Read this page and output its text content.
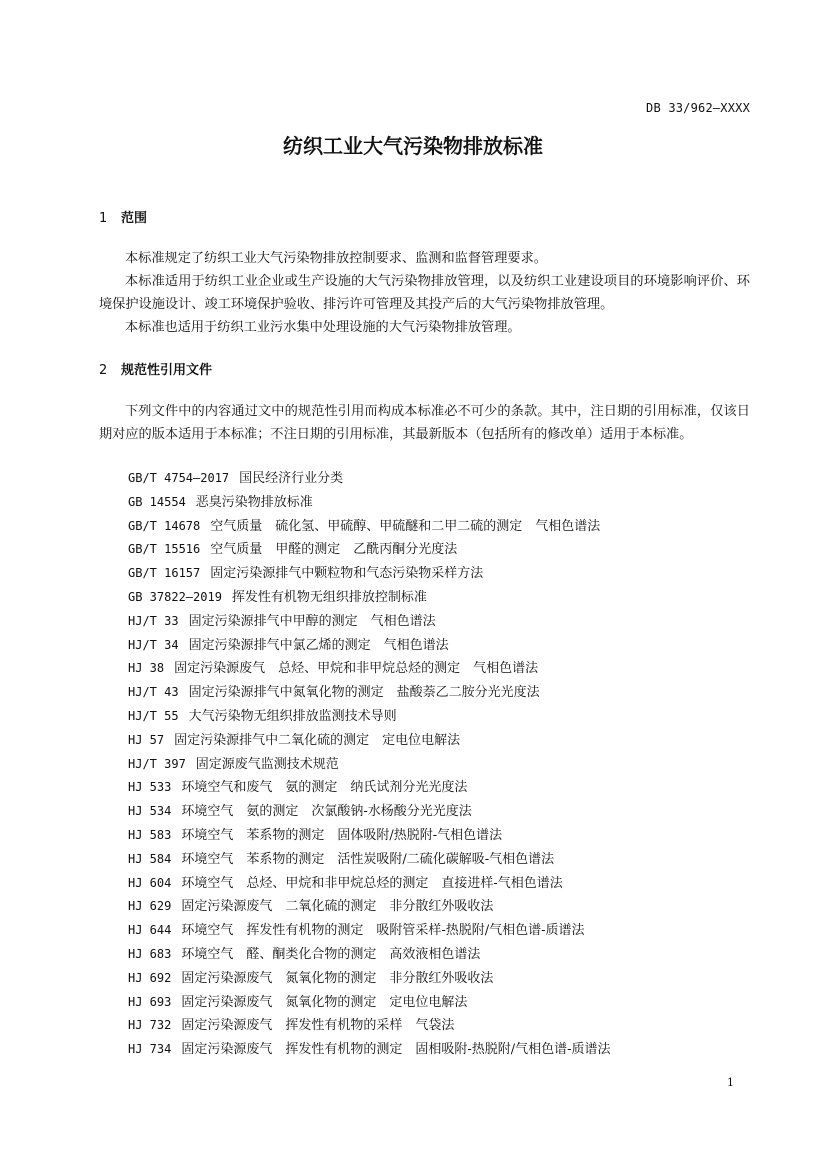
DB 33/962—XXXX
纺织工业大气污染物排放标准
1 范围

本标准规定了纺织工业大气污染物排放控制要求、监测和监督管理要求。

本标准适用于纺织工业企业或生产设施的大气污染物排放管理，以及纺织工业建设项目的环境影响评价、环境保护设施设计、竣工环境保护验收、排污许可管理及其投产后的大气污染物排放管理。

本标准也适用于纺织工业污水集中处理设施的大气污染物排放管理。

2 规范性引用文件

下列文件中的内容通过文中的规范性引用而构成本标准必不可少的条款。其中，注日期的引用标准，仅该日期对应的版本适用于本标准；不注日期的引用标准，其最新版本（包括所有的修改单）适用于本标准。

GB/T 4754—2017 国民经济行业分类
GB 14554 恶臭污染物排放标准
GB/T 14678 空气质量　硫化氢、甲硫醇、甲硫醚和二甲二硫的测定　气相色谱法
GB/T 15516 空气质量　甲醛的测定　乙酰丙酮分光度法
GB/T 16157 固定污染源排气中颗粒物和气态污染物采样方法
GB 37822—2019 挥发性有机物无组织排放控制标准
HJ/T 33 固定污染源排气中甲醇的测定　气相色谱法
HJ/T 34 固定污染源排气中氯乙烯的测定　气相色谱法
HJ 38 固定污染源废气　总烃、甲烷和非甲烷总烃的测定　气相色谱法
HJ/T 43 固定污染源排气中氮氧化物的测定　盐酸萘乙二胺分光光度法
HJ/T 55 大气污染物无组织排放监测技术导则
HJ 57 固定污染源排气中二氧化硫的测定　定电位电解法
HJ/T 397 固定源废气监测技术规范
HJ 533 环境空气和废气　氨的测定　纳氏试剂分光光度法
HJ 534 环境空气　氨的测定　次氯酸钠-水杨酸分光光度法
HJ 583 环境空气　苯系物的测定　固体吸附/热脱附-气相色谱法
HJ 584 环境空气　苯系物的测定　活性炭吸附/二硫化碳解吸-气相色谱法
HJ 604 环境空气　总烃、甲烷和非甲烷总烃的测定　直接进样-气相色谱法
HJ 629 固定污染源废气　二氧化硫的测定　非分散红外吸收法
HJ 644 环境空气　挥发性有机物的测定　吸附管采样-热脱附/气相色谱-质谱法
HJ 683 环境空气　醛、酮类化合物的测定　高效液相色谱法
HJ 692 固定污染源废气　氮氧化物的测定　非分散红外吸收法
HJ 693 固定污染源废气　氮氧化物的测定　定电位电解法
HJ 732 固定污染源废气　挥发性有机物的采样　气袋法
HJ 734 固定污染源废气　挥发性有机物的测定　固相吸附-热脱附/气相色谱-质谱法
1
